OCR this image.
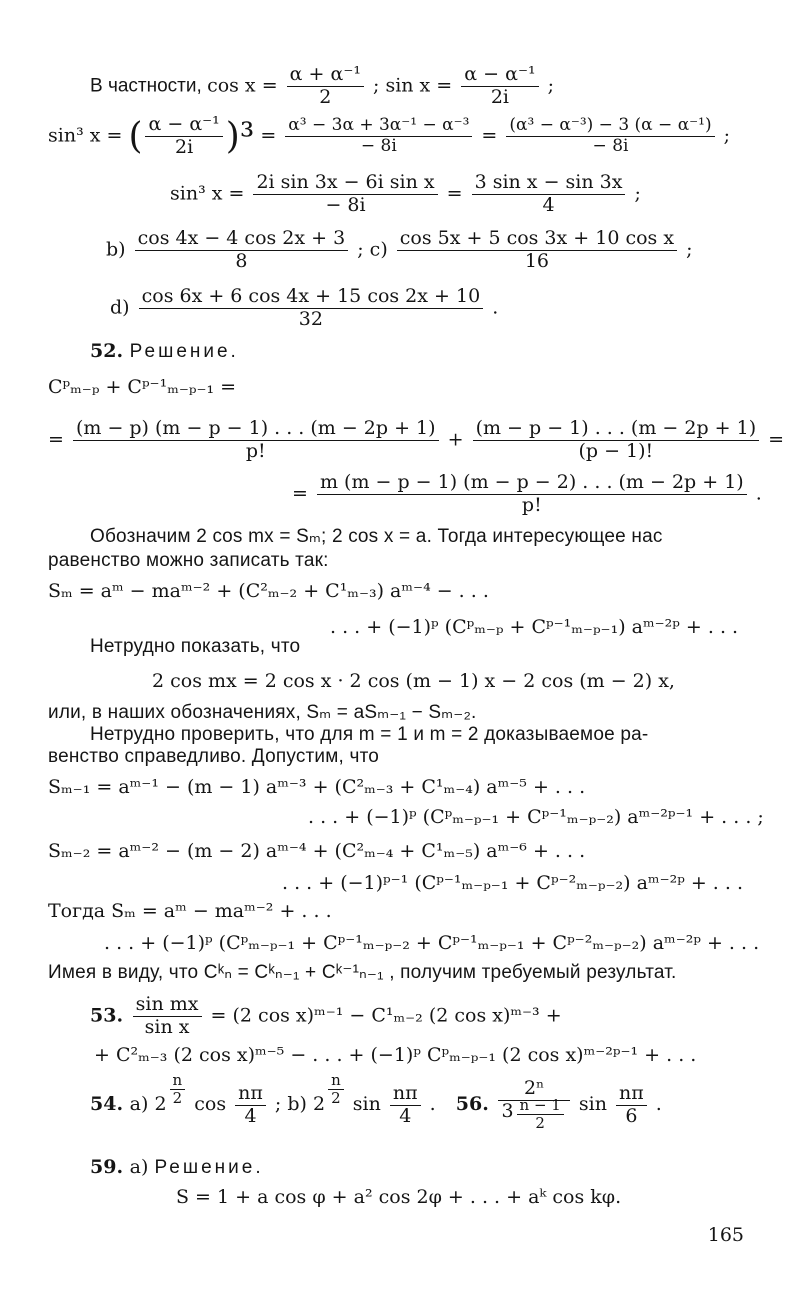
В частности, $\cos x = \frac{\text{α + α⁻¹}}{2}$ ; $\sin x = \frac{\text{α − α⁻¹}}{2i}$ ;
sin³ x = ( $\frac{\text{α − α⁻¹}}{2i} )^3 = \frac{\text{α³ − 3α + 3α⁻¹ − α⁻³}}{- 8i} = \frac{\text{(α³ − α⁻³) − 3 (α − α⁻¹)}}{- 8i}$ ;
sin³ $x = \frac{\text{2i sin 3x − 6i sin x}}{- 8i} = \frac{\text{3 sin x − sin 3x}}{4}$ ;
$b) \frac{\cos 4x - 4 \cos 2x + 3}{8}$ ; $c) \frac{\text{cos 5x + 5 cos 3x + 10 cos x}}{16}$ ;
$d) \frac{\cos 6x + 6 \cos 4x + 15 \cos 2x + 10}{32}$ .
52. Решение.
Cᵖₘ₋ₚ + Cᵖ⁻¹ₘ₋ₚ₋₁ =
= $\frac{(m - p) (m - p - 1) . . . (m - 2p + 1)}{p!} + \frac{(m - p - 1) . . . (m - 2p + 1)}{(p - 1)!}$ =
= $\frac{m (m - p - 1) (m - p - 2) . . . (m - 2p + 1)}{p!}$ .
Обозначим 2 cos mx = Sₘ; 2 cos x = a. Тогда интересующее нас
равенство можно записать так:
Sₘ = aᵐ − maᵐ⁻² + (C²ₘ₋₂ + C¹ₘ₋₃) aᵐ⁻⁴ − . . .
. . . + (−1)ᵖ (Cᵖₘ₋ₚ + Cᵖ⁻¹ₘ₋ₚ₋₁) aᵐ⁻²ᵖ + . . .
Нетрудно показать, что
2 cos mx = 2 cos x · 2 cos (m − 1) x − 2 cos (m − 2) x,
или, в наших обозначениях, Sₘ = aSₘ₋₁ − Sₘ₋₂.
Нетрудно проверить, что для m = 1 и m = 2 доказываемое ра-
венство справедливо. Допустим, что
Sₘ₋₁ = aᵐ⁻¹ − (m − 1) aᵐ⁻³ + (C²ₘ₋₃ + C¹ₘ₋₄) aᵐ⁻⁵ + . . .
. . . + (−1)ᵖ (Cᵖₘ₋ₚ₋₁ + Cᵖ⁻¹ₘ₋ₚ₋₂) aᵐ⁻²ᵖ⁻¹ + . . . ;
Sₘ₋₂ = aᵐ⁻² − (m − 2) aᵐ⁻⁴ + (C²ₘ₋₄ + C¹ₘ₋₅) aᵐ⁻⁶ + . . .
. . . + (−1)ᵖ⁻¹ (Cᵖ⁻¹ₘ₋ₚ₋₁ + Cᵖ⁻²ₘ₋ₚ₋₂) aᵐ⁻²ᵖ + . . .
Тогда Sₘ = aᵐ − maᵐ⁻² + . . .
. . . + (−1)ᵖ (Cᵖₘ₋ₚ₋₁ + Cᵖ⁻¹ₘ₋ₚ₋₂ + Cᵖ⁻¹ₘ₋ₚ₋₁ + Cᵖ⁻²ₘ₋ₚ₋₂) aᵐ⁻²ᵖ + . . .
Имея в виду, что Cᵏₙ = Cᵏₙ₋₁ + Cᵏ⁻¹ₙ₋₁ , получим требуемый результат.
53. $\frac{\text{sin mx}}{\text{sin x}} = (2$ cos x)ᵐ⁻¹ − C¹ₘ₋₂ (2 cos x)ᵐ⁻³ +
+ C²ₘ₋₃ (2 cos x)ᵐ⁻⁵ − . . . + (−1)ᵖ Cᵖₘ₋ₚ₋₁ (2 cos x)ᵐ⁻²ᵖ⁻¹ + . . .
54. a) $2 \frac{n}{2}$ $\cos \frac{n\pi}{4}$ ; b) $2 \frac{n}{2}$ $\sin \frac{n\pi}{4}$ . 56. $\frac{\text{2ⁿ}}{3 \frac{n - 1}{2}}$ $\sin \frac{n\pi}{6}$ .
59. а) Решение.
S = 1 + a cos φ + a² cos 2φ + . . . + aᵏ cos kφ.
165
